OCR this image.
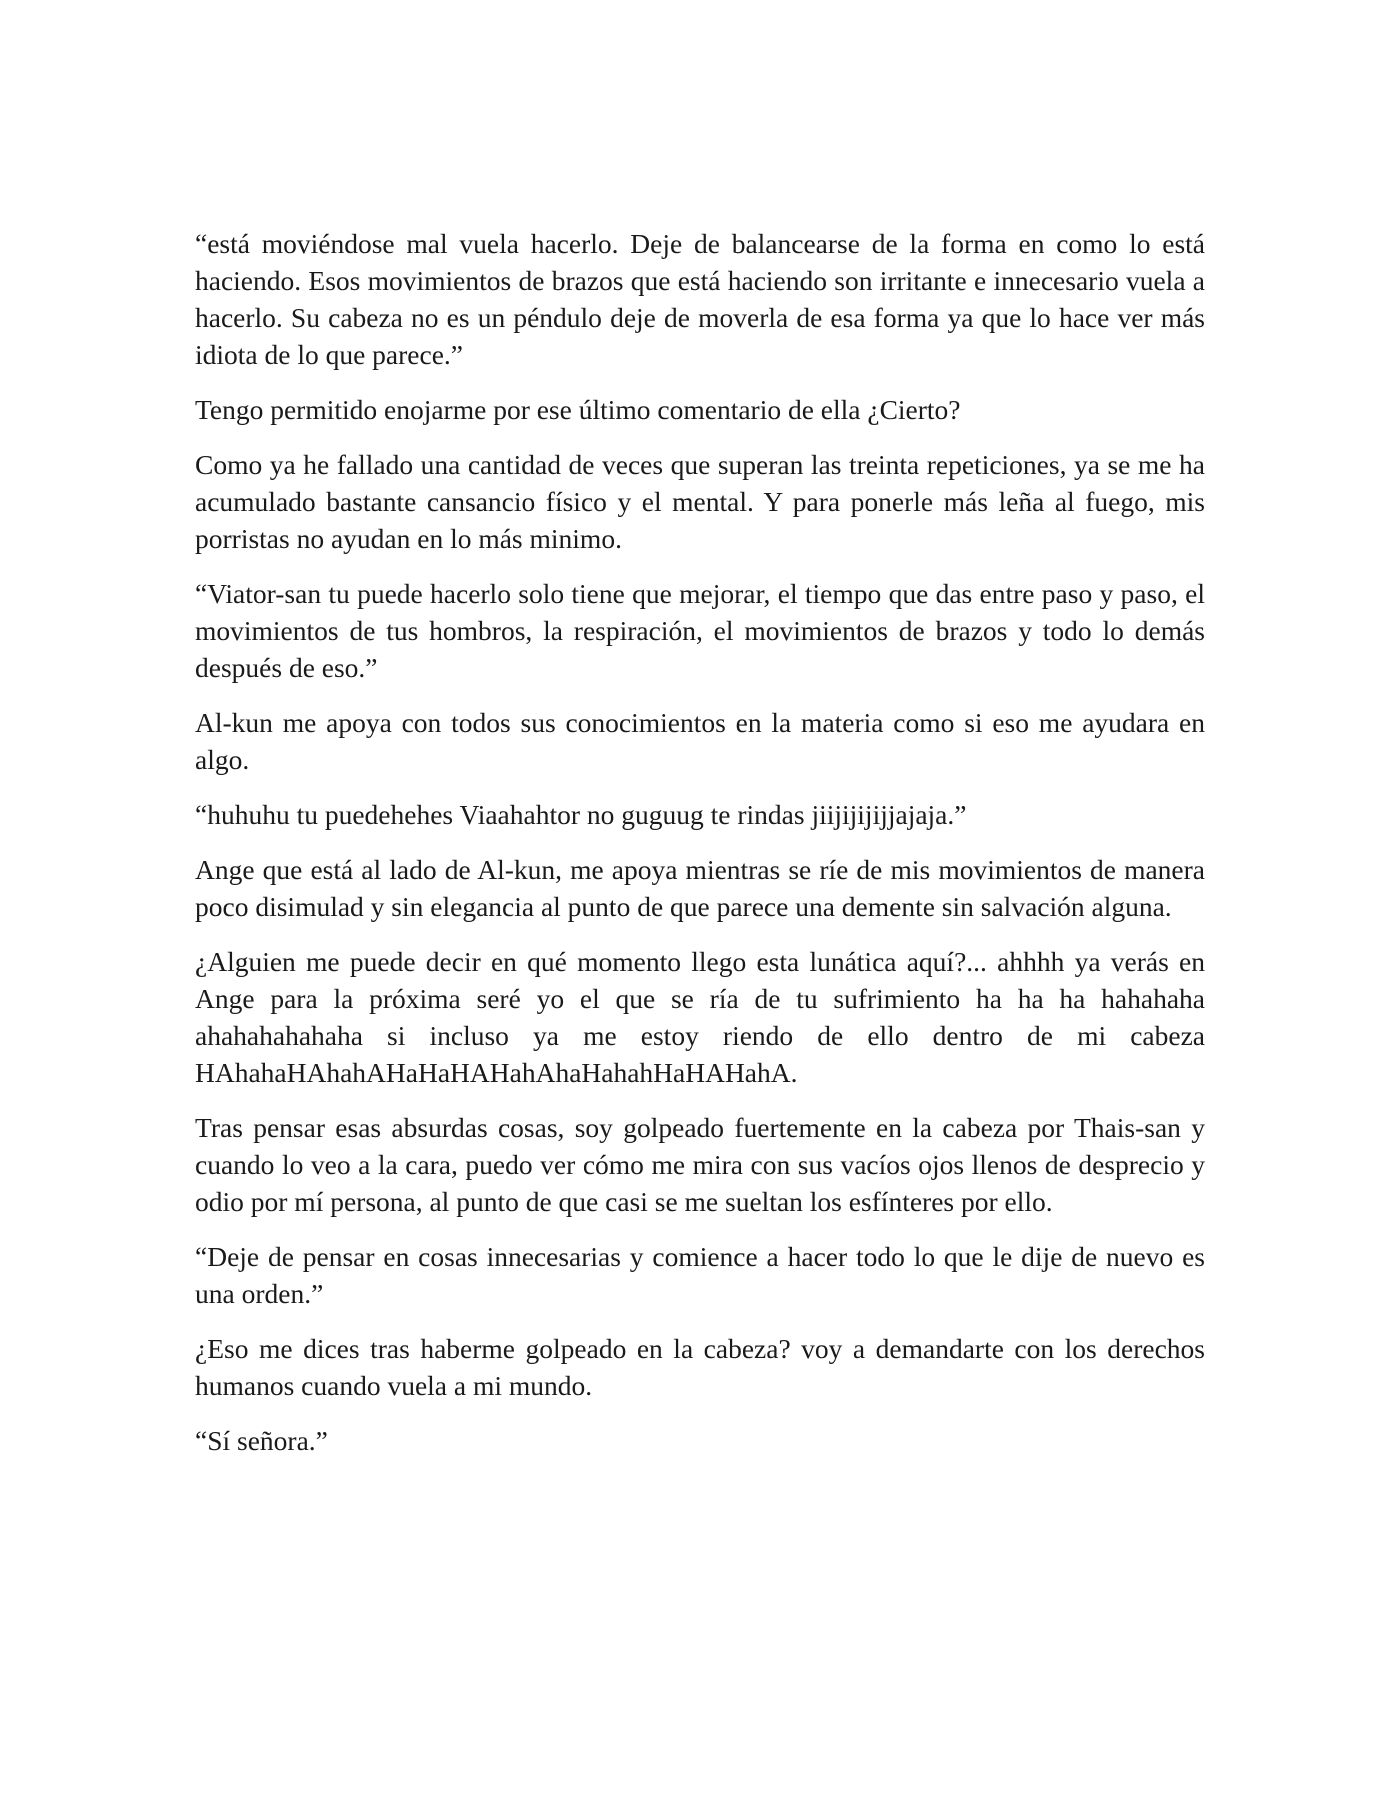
“está moviéndose mal vuela hacerlo. Deje de balancearse de la forma en como lo está haciendo. Esos movimientos de brazos que está haciendo son irritante e innecesario vuela a hacerlo. Su cabeza no es un péndulo deje de moverla de esa forma ya que lo hace ver más idiota de lo que parece.”

Tengo permitido enojarme por ese último comentario de ella ¿Cierto?

Como ya he fallado una cantidad de veces que superan las treinta repeticiones, ya se me ha acumulado bastante cansancio físico y el mental. Y para ponerle más leña al fuego, mis porristas no ayudan en lo más minimo.

“Viator-san tu puede hacerlo solo tiene que mejorar, el tiempo que das entre paso y paso, el movimientos de tus hombros, la respiración, el movimientos de brazos y todo lo demás después de eso.”

Al-kun me apoya con todos sus conocimientos en la materia como si eso me ayudara en algo.

“huhuhu tu puedehehes Viaahahtor no guguug te rindas jiijijijijjajaja.”

Ange que está al lado de Al-kun, me apoya mientras se ríe de mis movimientos de manera poco disimulad y sin elegancia al punto de que parece una demente sin salvación alguna.

¿Alguien me puede decir en qué momento llego esta lunática aquí?... ahhhh ya verás en Ange para la próxima seré yo el que se ría de tu sufrimiento ha ha ha hahahaha ahahahahahaha si incluso ya me estoy riendo de ello dentro de mi cabeza HAhahaHAhahAHaHaHAHahAhaHahahHaHAHahA.

Tras pensar esas absurdas cosas, soy golpeado fuertemente en la cabeza por Thais-san y cuando lo veo a la cara, puedo ver cómo me mira con sus vacíos ojos llenos de desprecio y odio por mí persona, al punto de que casi se me sueltan los esfínteres por ello.

“Deje de pensar en cosas innecesarias y comience a hacer todo lo que le dije de nuevo es una orden.”

¿Eso me dices tras haberme golpeado en la cabeza? voy a demandarte con los derechos humanos cuando vuela a mi mundo.

“Sí señora.”
